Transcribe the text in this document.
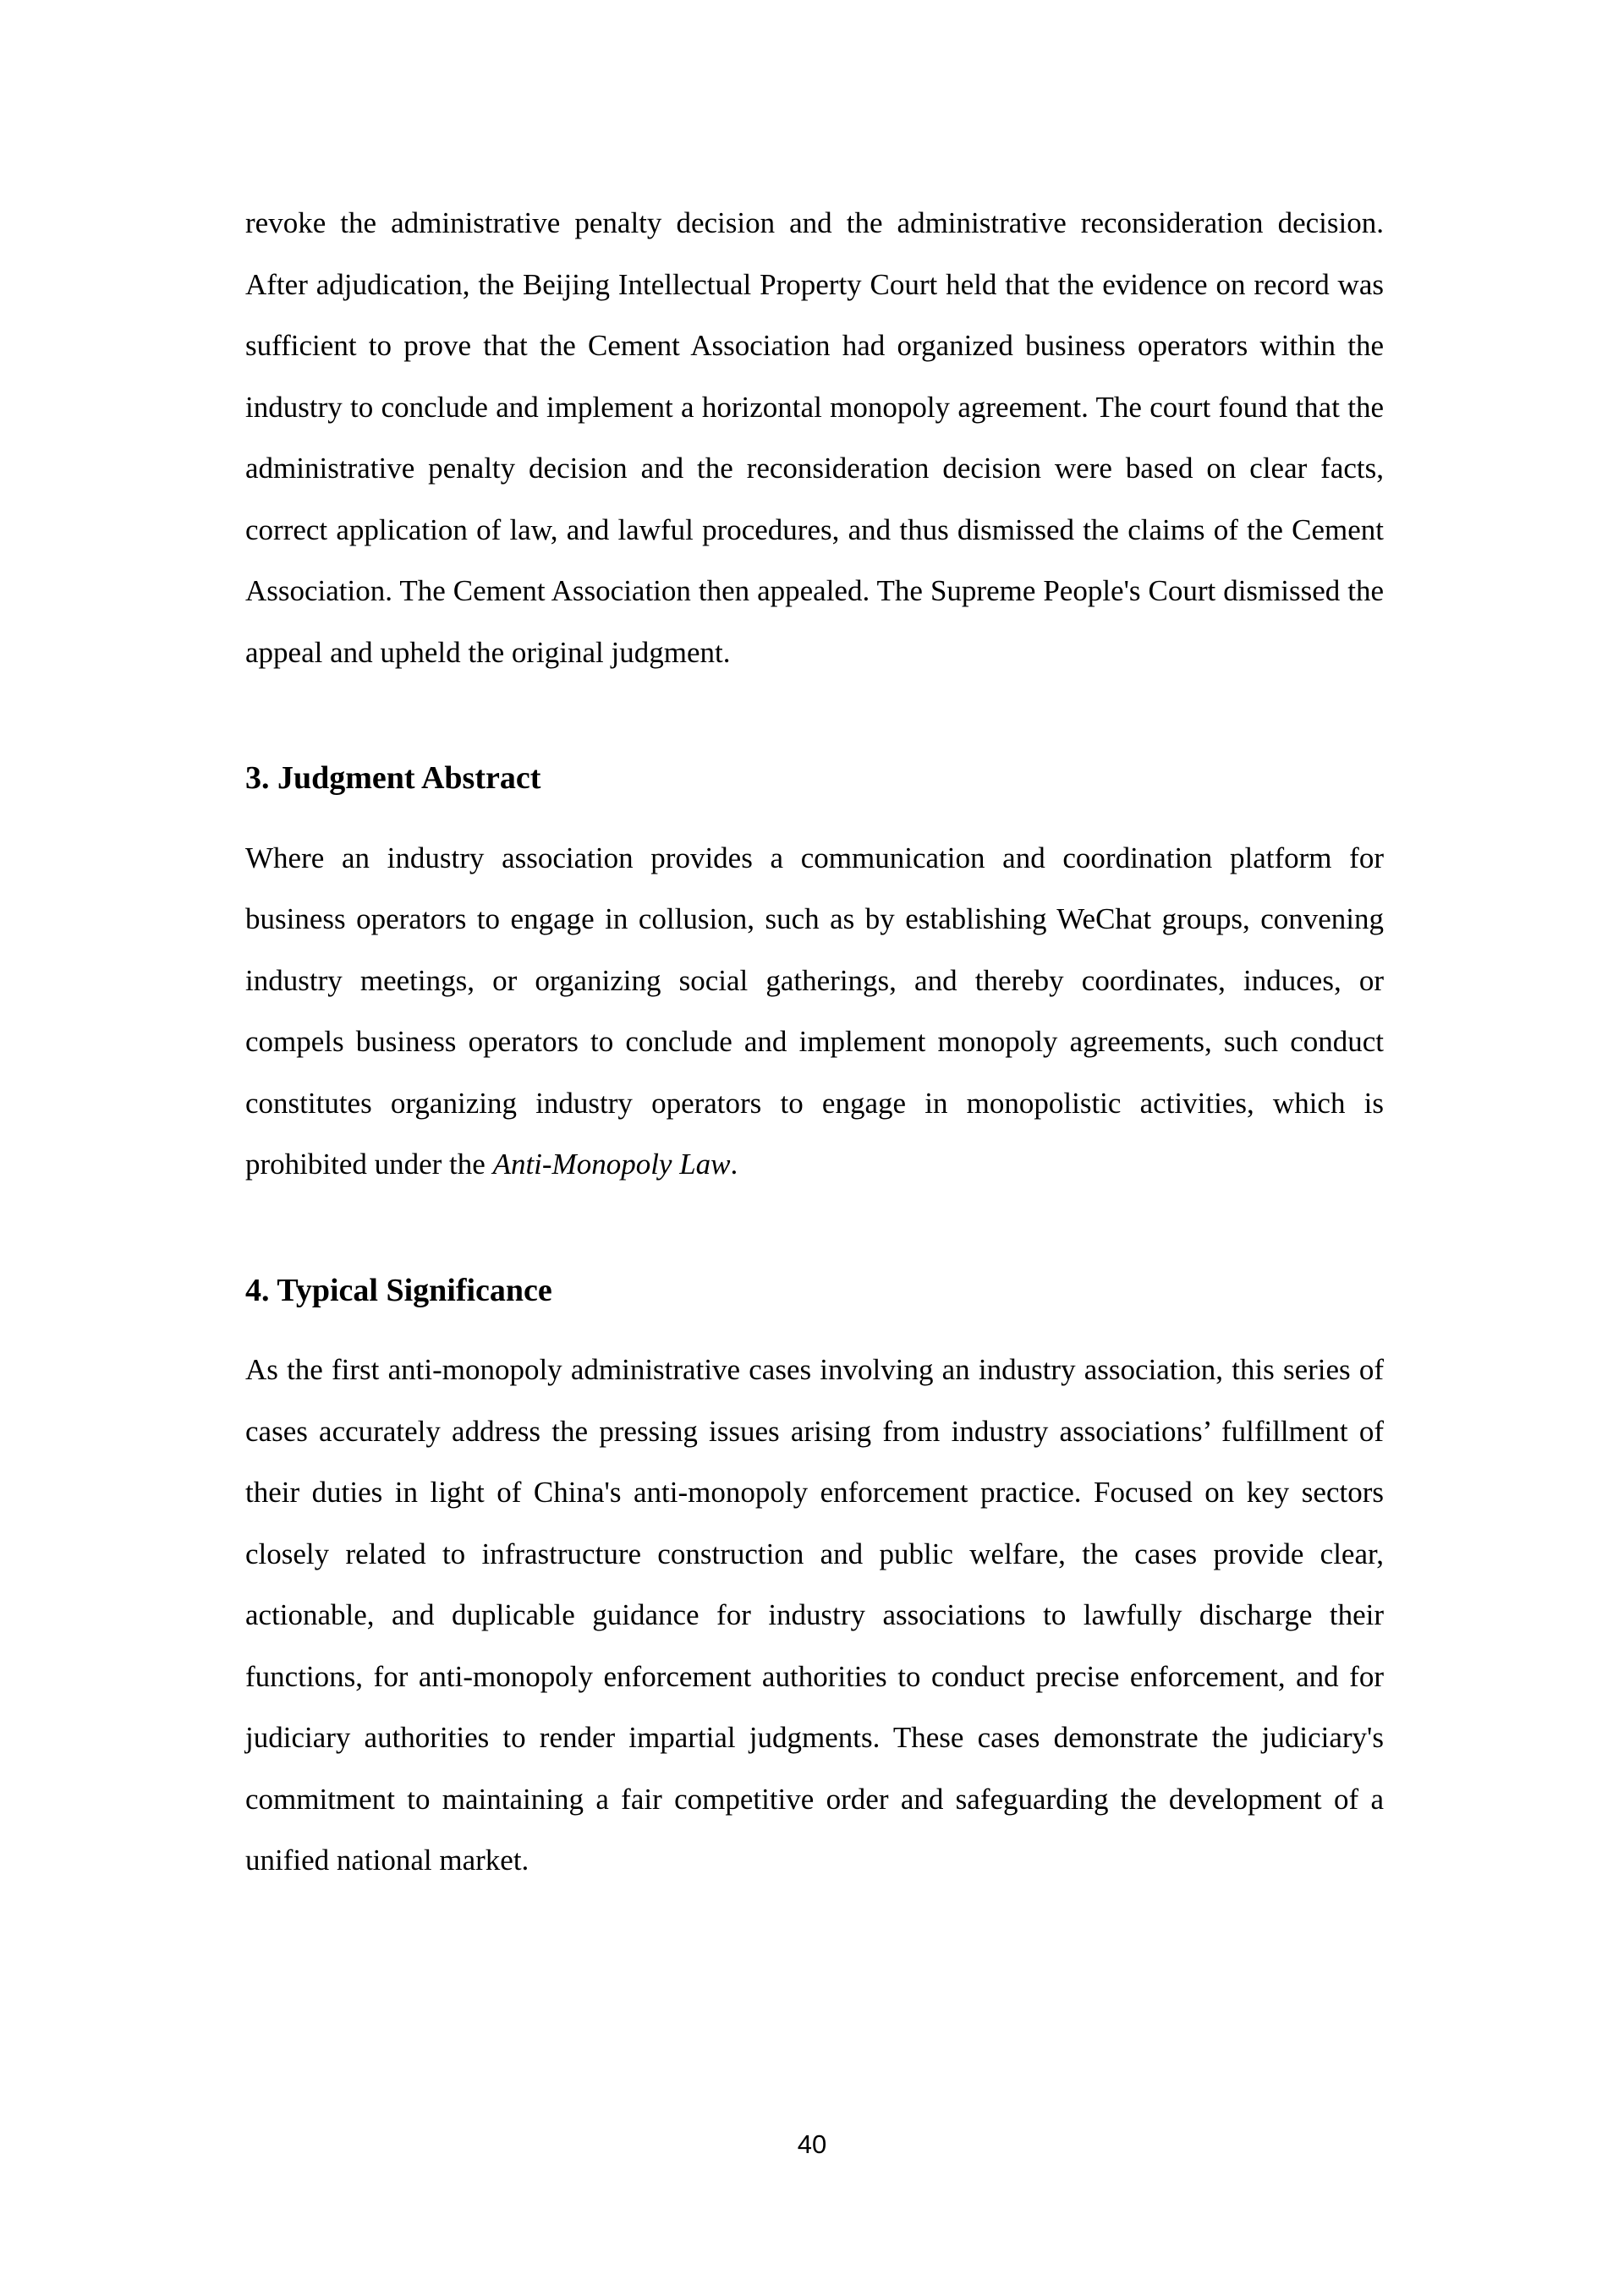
revoke the administrative penalty decision and the administrative reconsideration decision. After adjudication, the Beijing Intellectual Property Court held that the evidence on record was sufficient to prove that the Cement Association had organized business operators within the industry to conclude and implement a horizontal monopoly agreement. The court found that the administrative penalty decision and the reconsideration decision were based on clear facts, correct application of law, and lawful procedures, and thus dismissed the claims of the Cement Association. The Cement Association then appealed. The Supreme People's Court dismissed the appeal and upheld the original judgment.

3. Judgment Abstract

Where an industry association provides a communication and coordination platform for business operators to engage in collusion, such as by establishing WeChat groups, convening industry meetings, or organizing social gatherings, and thereby coordinates, induces, or compels business operators to conclude and implement monopoly agreements, such conduct constitutes organizing industry operators to engage in monopolistic activities, which is prohibited under the Anti-Monopoly Law.

4. Typical Significance

As the first anti-monopoly administrative cases involving an industry association, this series of cases accurately address the pressing issues arising from industry associations’ fulfillment of their duties in light of China's anti-monopoly enforcement practice. Focused on key sectors closely related to infrastructure construction and public welfare, the cases provide clear, actionable, and duplicable guidance for industry associations to lawfully discharge their functions, for anti-monopoly enforcement authorities to conduct precise enforcement, and for judiciary authorities to render impartial judgments. These cases demonstrate the judiciary's commitment to maintaining a fair competitive order and safeguarding the development of a unified national market.

40
